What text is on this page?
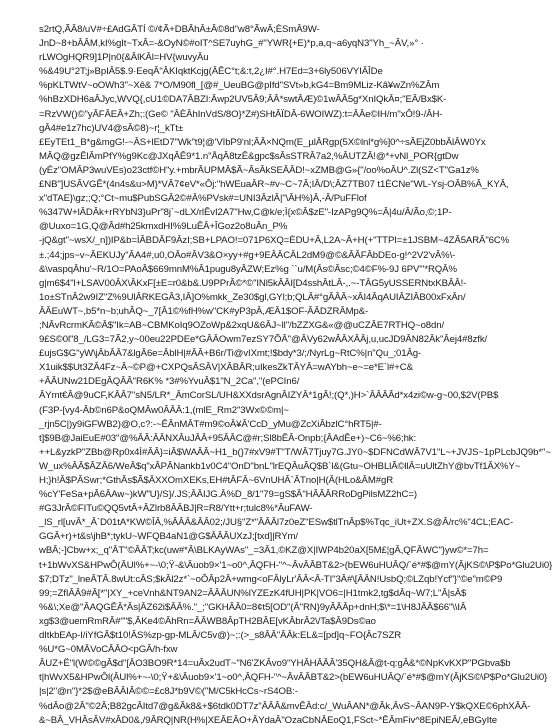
s2rtQ,ÃÂ8/uV#÷£AdGÂTÍ ©/¢Ã+DBÂhÂ±Â©8d"w8°ÃwÂ;ÈSmÂ9W-
JnD~8+bÂÂM,kI%gIt~TxÂ=-&OyN©#oIT^SE7uyhG_#"YWR{+E)*p,a,q~a6yqN3"Yh_~ÂV,»° ·
rLWOgHQR9]1P|n0{&ÂlKÂl=HV{wuvyÂu
%&49U°2T;j»BpIÂ5$.9·EeqÂ"ÂKIqktKcjg(ÂÊC°t;&:t,2¿I#°.H7Ed=3+6ly506VYIÂÎDe
%pKLTWtV~oOWh3"~Xê& 7*O/M90fl_[@#_UeuBG@pIfd"SVt»b,kG4=Bm9MLiz-Kâ¥wZn%ZÂm
%hBzXDH6aÂJyc,WVQ{,cU1©DA7ÂBZI:Âwp2UV5Â9;ÂÂ*swtÂÆ)©1wÂÂ5g*XnIQkÂ¤;"EÂ/Bx$K-
=RzVW()©"yÂFÂEÂ+Zh;:(Ge© "ÂÈÂhInVdS/8O}*Z#)SHtÂÏDÂ-6WOIWZ):t=ÂÂe©IH/m"xÔ!9-/ÂH-
gÂ4#e1z7hc)UV4@sÂ©8)~r¦_kTt±
£EyTEt1_B*g&mgG!-~ÂS+lEtD7"Wk"t9¦@'VîbP9'nl;ÂÂ×NQm(E_µlÂRgp(5X©lnl*g%]0^÷sÂEjZ0bbÂlÂW0Yx
MÂQ@gzÊlÂmPfY%g9Kc@JXqÂÊ9*1.n"ÅqÂ8tzÊ&gpc$sÂsSTRÂ7a2,%ÂUTZÂ!@*+vNl_POR{gtDw
(yÉz"OMÂP3wuVEs)o23ctf©H"y.+mbrÂUPMÂ$Ã~ÂsÂkSEÂÂD!~xZMB@G»{"/oo%oÂU^.Zl(SZ<T"Ga1z%
£NB"]USÂVGÊ*(4n4s&u>M}*VÂ7¢eV*«Ôj:"hWEuaÂR~#v~C~7Â;IÂ/D\;ÂZ7TB07 t1ÈCNe"WL-Ysj-OÂB%Â_KYÂ,
x"dTAE}\gz;;Q;°Ct~mu$PubSGÂ2©#Â%PVsk#=UNI3ÂzlÂ|"\ÂH%}Â,-Â/PuFFlof
%347W+lÂDÂk+rRYbN3}uPr"8j`~dLX/rlÊvI2A7"Hw,C@k/e;Ì{x©Â$zE"-IzAPg9Q%=Â|4u/Â/Ão,©;1P-
@Uuxo=1G,Q@Âd#h25kmxdHI%9LuÊÂ+ÎGoz2o8uÂn_P%
-jQ&gt"~wsX/_n])IP&b=ÌÂBDÂF9ÂzI;SB+LPAO!=071P6XQ=ÈDU+Â,L2A~Â+H(+"TTPI=±1JSBM~4ZÂ5ARÂ"6C%
±.;44;jps~v~ÂEKUJy"ÂA4#,u0,OÂo#ÂV3&O×yy+#g+9EÂÂCÂL2dM9@©&ÂÂFÂbDEo-g!^2V2'vÂ%\-
&\vaspqÂhu'~R/1O=PAoÂ$669mnM%Â1pugu8yÂZW;Ez%g ``u/M(Âs©Âsc;©4©F%-9J 6PV'"*RQÂ%
g|m6$4"l+LSAV00ÂX\ÂKxF[±E=r0&b&.U9PPrÂ©*©"INl5kÂÂI[D4sshÂtLÂ-,.~-TÂG5yUSSERNtxKBÂÂ!-
1o±STnÂ2w9IZ"Z%9UlÂRKEGÂ3,IÂ]O%mkk_Ze30$gl,GYl;b;QLÂ#°gÂÂÂ~xÂI4ÂqAUIÂZIÂB00xFxÂn/
ÂÂEuWT~,b5*n~b;uhÂQ~_7[Â1©%fH%w"CK#yP3pÂ,ÆÂ1$OF-ÂÂDZRÂMp&-
;NÂvRcrmKÂ©Â$"Ik=AB~CBMKoIq9OZoWp&2xqU&6ÂJ~ll"/bZZXG&«@@uCZÂE7RTHQ~o8dn/
9£S©0l"8_/LG3=7Ã2,y~00eu22PDEe*GÂÂOwm7ezSY7ÕÂ"@ÂVy62wÂÂXÂÂj,u,ucJD9ÂN82Âk"Âej4#8zfk/
£ujsG$G"yW\jÂbÂÂ7&lgÂ6e=ÂblH|#ÂÂ+B6r/Ti@vIXmt;!$bdy*3/;/NyrLg~RtC%|n"Qu_;01Âg-
X1uik$$Ut3ZÂ4Fz~Â~©P@+CXPQsÂSÂV|XÂBÂR;uIkesZkTÂYÂ=wAYbh~e~=e*E`l#+C&
+ÂÂUNw21DEgÂQÂÂ"R6K% *3#%YvuÂ$1"N_2Ca","(ePCIn6/
ÂYmt€Â@9uCF,KÂÂ7"sN5/LR*_ÂmCorSL/UH&XXdsrAgnÂIZYÂ*1gÂ!;(Q*,)H>`ÂÂÂÂd*x4zi©w-g~00,$2V(PB$
(F3P-[vy4-Âb©n6P&oQMÂw0ÂÂÂ:1,(mlE_Rm2"3Wx©©m|~
_rjn5C|)y9iGFWB2)@O,c?:-~ÊÂnMÂT#m9©oÂ¥Â'CcD_yMu@ZcXiÂbzlC°hRT5|#-
t]$9B@JaiEuE#03"@%ÂÂ:ÂÂNXÂuJÂÂ+95ÂÂC@#r;Sl8bÊÂ-Onpb;{ÂAdÊe+)~C6~%6;hk:
++L&yzkP"ZBb@Rp0x4Ì#ÂÂ}=iÂ$WAÂÂ~H1_b(}7#xV9#T"T/WÂ7Tjuy7G.JY0~$DFNCdWÂ7V1"L~+JVJS~1pPLcbJQ9b*"~
W_ux%ÂÂ$ÂZÂ6/WeÂ$q"xÂPÂNankb1v0C4"OnD"bnL"lrEQÂuÂQ$B`l&(Gtu~OHBLlÃ©llÂ=uUltZhY@bvTf1ÂX%Y~
H;}h!Â$PÂSwr;*GthÂs$Ã$ÂXXOmXEKs,EH#tÂFÂ~6VnUHÂ`ÂTno|H(Â(HLo&ÂM#gR
%cY'FeSa+pÂ6ÂAw~)kW"U}/S}/.JS;ÂÂIJG.Â%D_8/1"79=gS$Â"HÂÂÂRRoDgPilsMZ2hC=)
#G3JrÂ©FITu©QQ5vtÂ+ÂZlrb8ÂÂBJ|R=R8/Ytt+r;tulc8%*ÂuFAW-
_lS_rl[uvÂ*_Â`D01tA*KW©ÎÂ,%ÂÂÂ&ÂÂ02;/JU§"Z*"ÂÂÂl7z0eZ"ESw$tlTnÂp$%Tqc_iUt+ZX.S@Â/rc%"4CL;EAC-
GGÂ+r)+t&s\jhB*;tykU~WFQB4aN1@G$ÂÂÂUXzJ;[txd]|RYm/
wBÂ;-]Cbw+x;_q"ÂT"©ÂÂT;kc(uw#*Â\BLKAyWAs"_=3Â1,©KZ@X|IWP4b20aX[5M£¦gÂ,QFÂWC"}yw©*=7h=
t+1bWvXS&HPwÔ(ÂUl%+~-\0;Ÿ-&\Âuob9×'1~o0^,ÂQFH-"^~ÂvÂÂBT&2>(bEW6uHUÂQ/`é*#$@mY(ÂjKS©\P$Po*Glu2Ui0}
$7;DTz"_lneÂTÂ.8wUt:cÂS;$kÂl2z*`~oÔÂp2Â+wmg<oFÂlyLr'ÂÂ<Â-TI"3Â#\[ÂÂN!UsbQ;©LZqb!Ycf"}"©e"m©P9
99;=ZfIÂÂ9#Â[*"|XY_+ceVnh&NT9AN2=ÂÂÂUN%lYZEzK4fUH|PK|VO6=|H1tmk2,tg$dÂq~W7;L"Â|sÂ$
%&\;Xe@"ÂAQGÊÂ*Âs|ÂZ62i$ÂÂ%."_;"GKHÂÂ0=8¢t5[OD"(Â"RN}9yÂÂÂp+dnH;$\*=1\H8JÂÂ$66"\\IÂ
xg$3@uemRmRÂ#""$,ÂKe4©ÂhRn=ÂÂWB8ÂpTH2BÂE[vKÂbrÂ2\/Ta$Â9Ds©ao
dItkbEAp-I/iYfGÂ$t10!ÂS%zp-gp-MLÂ/C5v@)~;:(>_s8ÂÂ"ÂÂk:EL&=[pd]q~FO{Âc7SZR
%U*G~0MÂVoCÂÂO<pGÂ/h-fxw
ÂUZ+Ë"l(W©©gÂ$d"[ÂO3BO9R*14=uÂx2udT~"N6'ZKÂvo9"YHÂHÂÂÂ'35QH&Â@t-q:gÂ&*©NpKvKXP"PGbva$b
t|hWvX5&HPwÔl(ÂUl%+~-\0;Ÿ+&\Âuob9×'1~o0^,ÂQFH-"^~ÂvÂÂBT&2>(bEW6uHUÂQ/`é*#$@mY(ÂjKS©\P$Po*Glu2Ui0}
|s|2"@n"}*2$@eBÂÂIÂ©©=£c8J*b9V©("M/C5kHcCs~rS4OB:-
%dÂo@2Â"©2Â;B82gcÂItd7@g&Âk8&+$6tdk0DT7z"ÂÂÂ&mvÊÂd:c/_WuÂAN*@Âk,ÂvS~ÂAN9P-Y$kQXE©6phXÂÂ-
&~BÂ_VHÂsÂV#xÂD0&,/9ÂRQ|NR(H%|XEÂEÂO+ÂYdaÂ"OzaCbNÂEoQ1,FSct~*ÊÂmFiv^8EpiNEÂ/,eBGyIte
